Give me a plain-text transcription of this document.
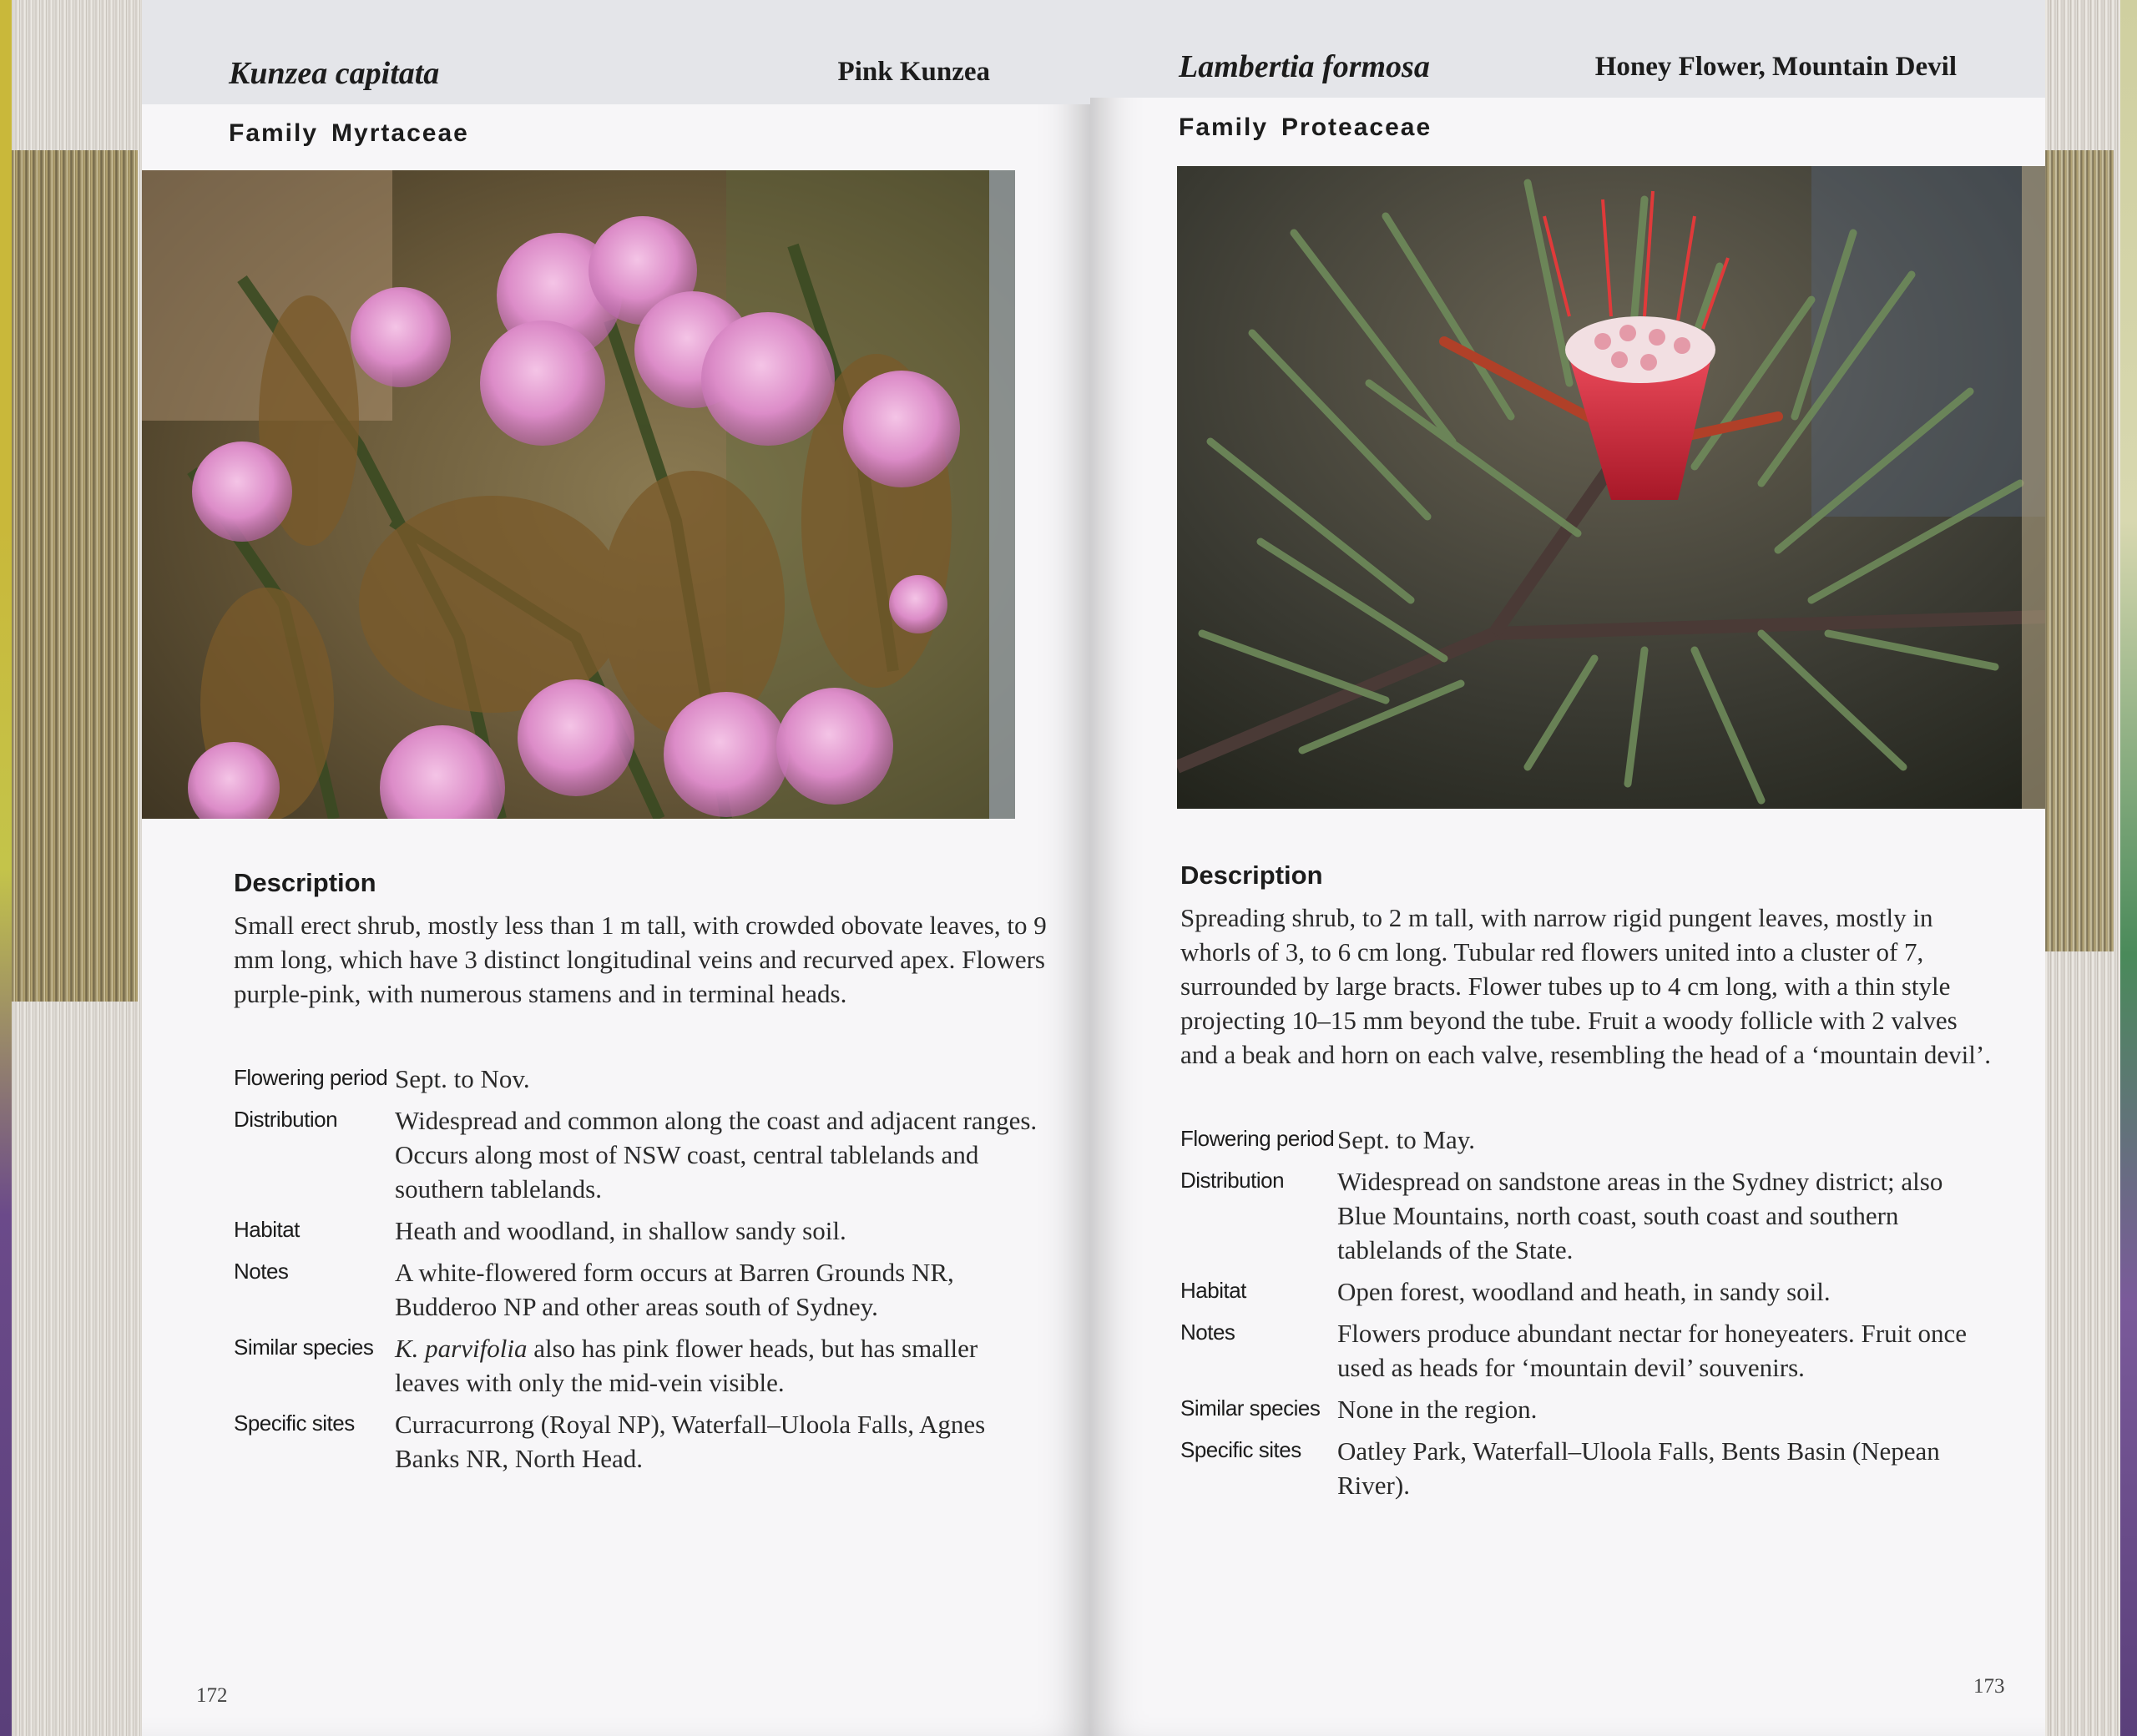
Kunzea capitata	Pink Kunzea
Family Myrtaceae
Description
Small erect shrub, mostly less than 1 m tall, with crowded obovate leaves, to 9 mm long, which have 3 distinct longitudinal veins and recurved apex. Flowers purple-pink, with numerous stamens and in terminal heads.
Flowering period Sept. to Nov.
Distribution	Widespread and common along the coast and adjacent ranges. Occurs along most of NSW coast, central tablelands and southern tablelands.
Habitat	Heath and woodland, in shallow sandy soil.
Notes	A white-flowered form occurs at Barren Grounds NR, Budderoo NP and other areas south of Sydney.
Similar species K. parvifolia also has pink flower heads, but has smaller leaves with only the mid-vein visible.
Specific sites	Curracurrong (Royal NP), Waterfall–Uloola Falls, Agnes Banks NR, North Head.
172
Lambertia formosa	Honey Flower, Mountain Devil
Family Proteaceae
Description
Spreading shrub, to 2 m tall, with narrow rigid pungent leaves, mostly in whorls of 3, to 6 cm long. Tubular red flowers united into a cluster of 7, surrounded by large bracts. Flower tubes up to 4 cm long, with a thin style projecting 10–15 mm beyond the tube. Fruit a woody follicle with 2 valves and a beak and horn on each valve, resembling the head of a ‘mountain devil’.
Flowering period Sept. to May.
Distribution	Widespread on sandstone areas in the Sydney district; also Blue Mountains, north coast, south coast and southern tablelands of the State.
Habitat	Open forest, woodland and heath, in sandy soil.
Notes	Flowers produce abundant nectar for honeyeaters. Fruit once used as heads for ‘mountain devil’ souvenirs.
Similar species None in the region.
Specific sites	Oatley Park, Waterfall–Uloola Falls, Bents Basin (Nepean River).
173
